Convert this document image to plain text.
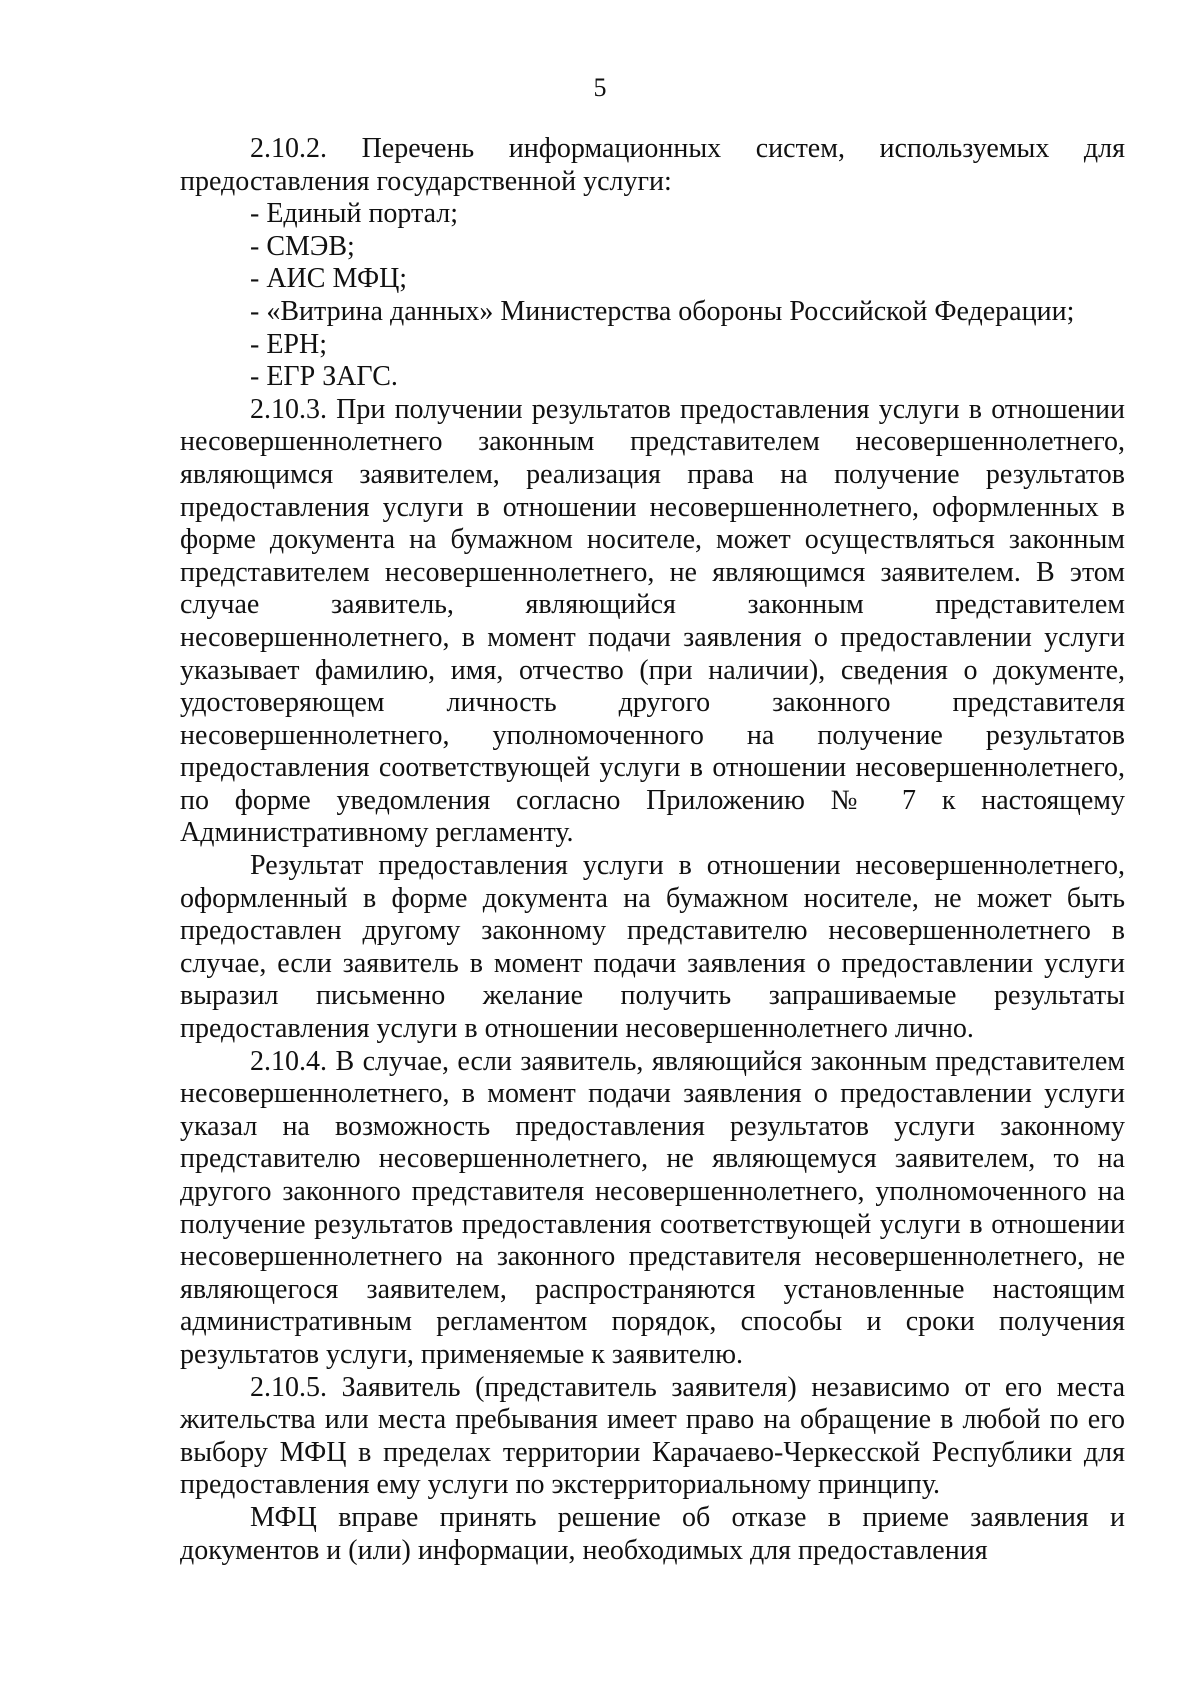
5

2.10.2. Перечень информационных систем, используемых для предоставления государственной услуги:

- Единый портал;

- СМЭВ;

- АИС МФЦ;

- «Витрина данных» Министерства обороны Российской Федерации;

- ЕРН;

- ЕГР ЗАГС.

2.10.3. При получении результатов предоставления услуги в отношении несовершеннолетнего законным представителем несовершеннолетнего, являющимся заявителем, реализация права на получение результатов предоставления услуги в отношении несовершеннолетнего, оформленных в форме документа на бумажном носителе, может осуществляться законным представителем несовершеннолетнего, не являющимся заявителем. В этом случае заявитель, являющийся законным представителем несовершеннолетнего, в момент подачи заявления о предоставлении услуги указывает фамилию, имя, отчество (при наличии), сведения о документе, удостоверяющем личность другого законного представителя несовершеннолетнего, уполномоченного на получение результатов предоставления соответствующей услуги в отношении несовершеннолетнего, по форме уведомления согласно Приложению № 7 к настоящему Административному регламенту.

Результат предоставления услуги в отношении несовершеннолетнего, оформленный в форме документа на бумажном носителе, не может быть предоставлен другому законному представителю несовершеннолетнего в случае, если заявитель в момент подачи заявления о предоставлении услуги выразил письменно желание получить запрашиваемые результаты предоставления услуги в отношении несовершеннолетнего лично.

2.10.4. В случае, если заявитель, являющийся законным представителем несовершеннолетнего, в момент подачи заявления о предоставлении услуги указал на возможность предоставления результатов услуги законному представителю несовершеннолетнего, не являющемуся заявителем, то на другого законного представителя несовершеннолетнего, уполномоченного на получение результатов предоставления соответствующей услуги в отношении несовершеннолетнего на законного представителя несовершеннолетнего, не являющегося заявителем, распространяются установленные настоящим административным регламентом порядок, способы и сроки получения результатов услуги, применяемые к заявителю.

2.10.5. Заявитель (представитель заявителя) независимо от его места жительства или места пребывания имеет право на обращение в любой по его выбору МФЦ в пределах территории Карачаево-Черкесской Республики для предоставления ему услуги по экстерриториальному принципу.

МФЦ вправе принять решение об отказе в приеме заявления и документов и (или) информации, необходимых для предоставления
